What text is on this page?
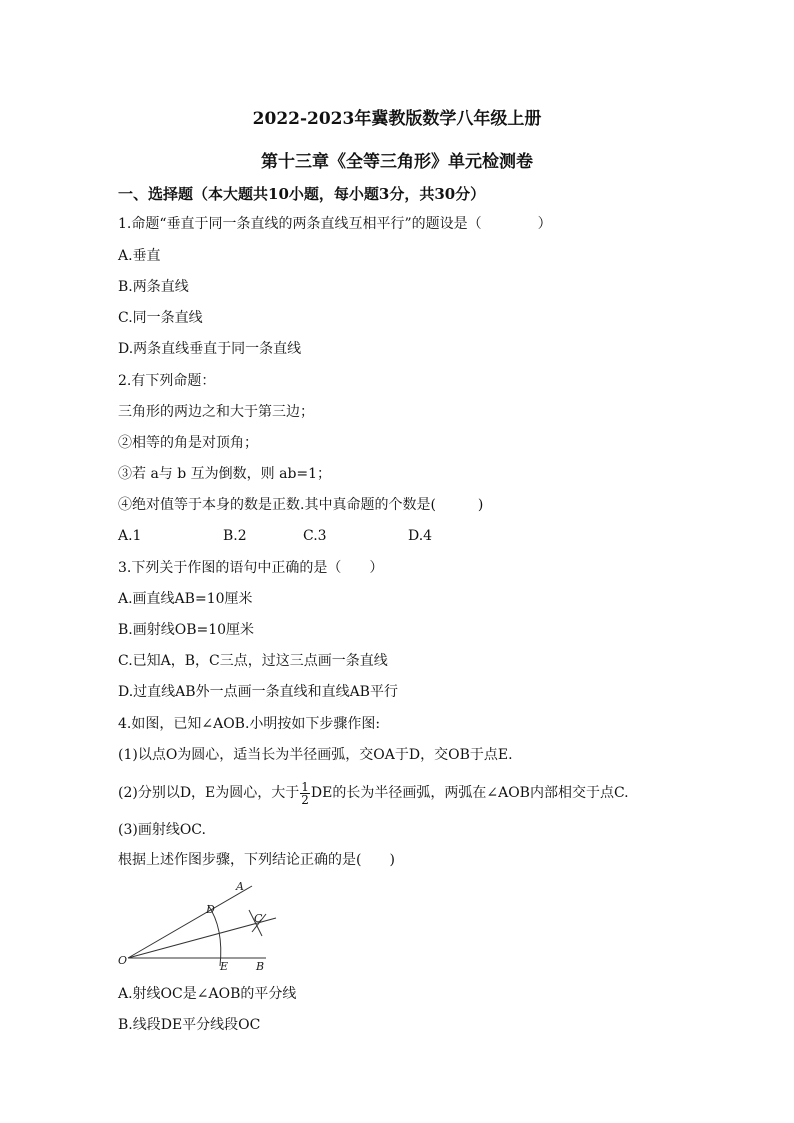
2022-2023年冀教版数学八年级上册
第十三章《全等三角形》单元检测卷
一、选择题（本大题共10小题，每小题3分，共30分）
1.命题“垂直于同一条直线的两条直线互相平行”的题设是（　　　　）
A.垂直
B.两条直线
C.同一条直线
D.两条直线垂直于同一条直线
2.有下列命题：
三角形的两边之和大于第三边；
②相等的角是对顶角；
③若 a与 b 互为倒数，则 ab=1；
④绝对值等于本身的数是正数.其中真命题的个数是(　　　)
A.1	B.2	C.3	D.4
3.下列关于作图的语句中正确的是（　　）
A.画直线AB=10厘米
B.画射线OB=10厘米
C.已知A，B，C三点，过这三点画一条直线
D.过直线AB外一点画一条直线和直线AB平行
4.如图，已知∠AOB.小明按如下步骤作图:
(1)以点O为圆心，适当长为半径画弧，交OA于D，交OB于点E.
(2)分别以D，E为圆心，大于 $\frac{1}{2}$ DE的长为半径画弧，两弧在∠AOB内部相交于点C.
(3)画射线OC.
根据上述作图步骤，下列结论正确的是(　　)
O
A
B
C
D
E
A.射线OC是∠AOB的平分线
B.线段DE平分线段OC
